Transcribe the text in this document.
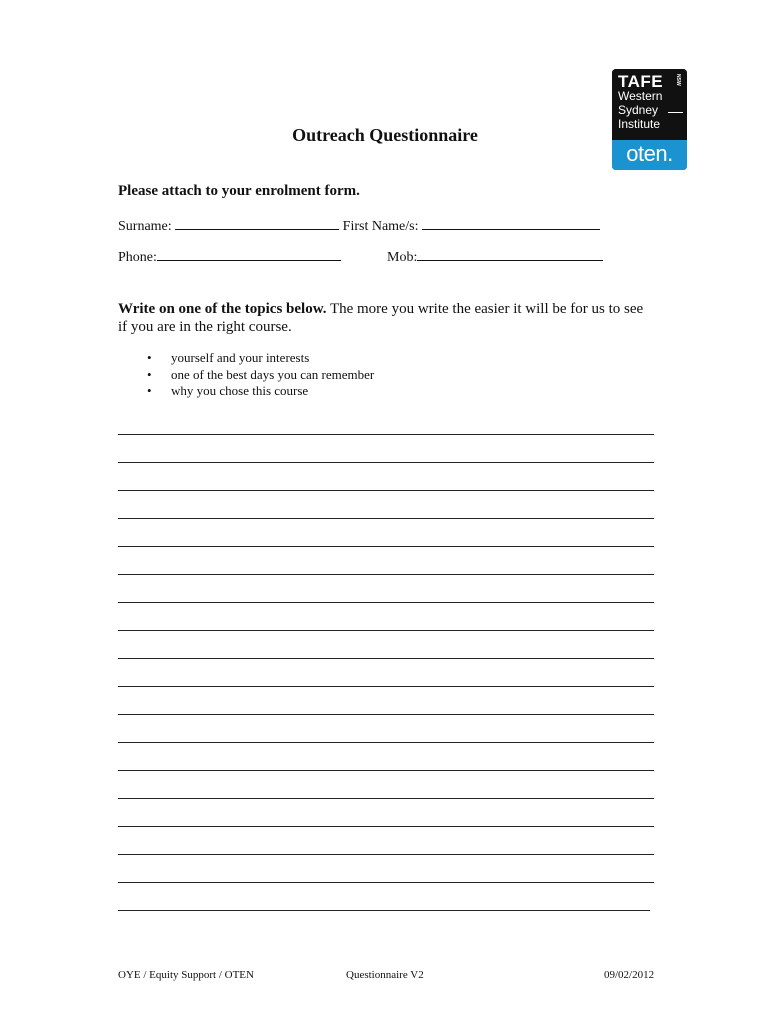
TAFE NSW
Western
Sydney
Institute
oten.
Outreach Questionnaire
Please attach to your enrolment form.
Surname:	First Name/s:
Phone:	Mob:
Write on one of the topics below. The more you write the easier it will be for us to see if you are in the right course.
• yourself and your interests
• one of the best days you can remember
• why you chose this course
OYE / Equity Support / OTEN	Questionnaire V2	09/02/2012
